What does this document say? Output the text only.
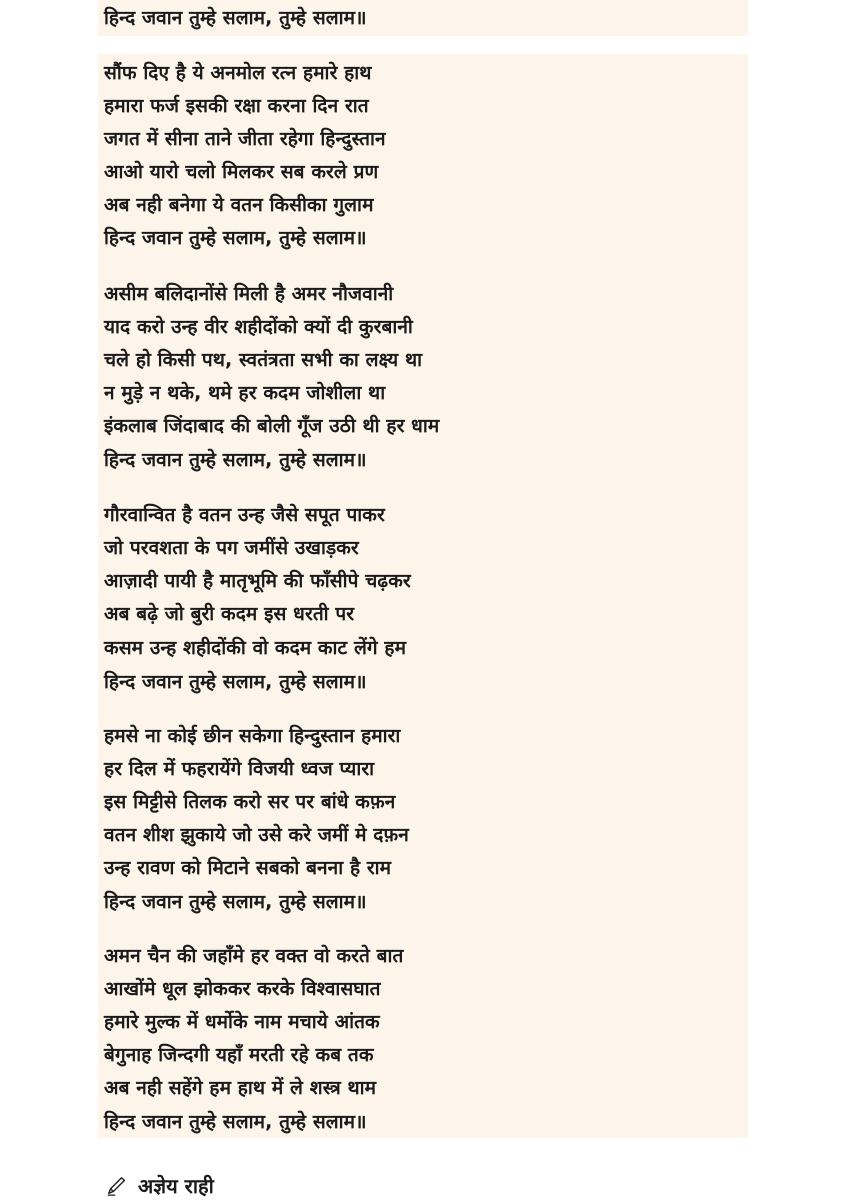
हिन्द जवान तुम्हे सलाम, तुम्हे सलाम॥
सौंफ दिए है ये अनमोल रत्न हमारे हाथ
हमारा फर्ज इसकी रक्षा करना दिन रात
जगत में सीना ताने जीता रहेगा हिन्दुस्तान
आओ यारो चलो मिलकर सब करले प्रण
अब नही बनेगा ये वतन किसीका गुलाम
हिन्द जवान तुम्हे सलाम, तुम्हे सलाम॥
असीम बलिदानोंसे मिली है अमर नौजवानी
याद करो उन्ह वीर शहीदोंको क्यों दी कुरबानी
चले हो किसी पथ, स्वतंत्रता सभी का लक्ष्य था
न मुड़े न थके, थमे हर कदम जोशीला था
इंकलाब जिंदाबाद की बोली गूँज उठी थी हर धाम
हिन्द जवान तुम्हे सलाम, तुम्हे सलाम॥
गौरवान्वित है वतन उन्ह जैसे सपूत पाकर
जो परवशता के पग जमींसे उखाड़कर
आज़ादी पायी है मातृभूमि की फाँसीपे चढ़कर
अब बढ़े जो बुरी कदम इस धरती पर
कसम उन्ह शहीदोंकी वो कदम काट लेंगे हम
हिन्द जवान तुम्हे सलाम, तुम्हे सलाम॥
हमसे ना कोई छीन सकेगा हिन्दुस्तान हमारा
हर दिल में फहरायेंगे विजयी ध्वज प्यारा
इस मिट्टीसे तिलक करो सर पर बांधे कफ़न
वतन शीश झुकाये जो उसे करे जमीं मे दफ़न
उन्ह रावण को मिटाने सबको बनना है राम
हिन्द जवान तुम्हे सलाम, तुम्हे सलाम॥
अमन चैन की जहाँमे हर वक्त वो करते बात
आखोंमे धूल झोककर करके विश्वासघात
हमारे मुल्क में धर्मोके नाम मचाये आंतक
बेगुनाह जिन्दगी यहाँ मरती रहे कब तक
अब नही सहेंगे हम हाथ में ले शस्त्र थाम
हिन्द जवान तुम्हे सलाम, तुम्हे सलाम॥
अज्ञेय राही
